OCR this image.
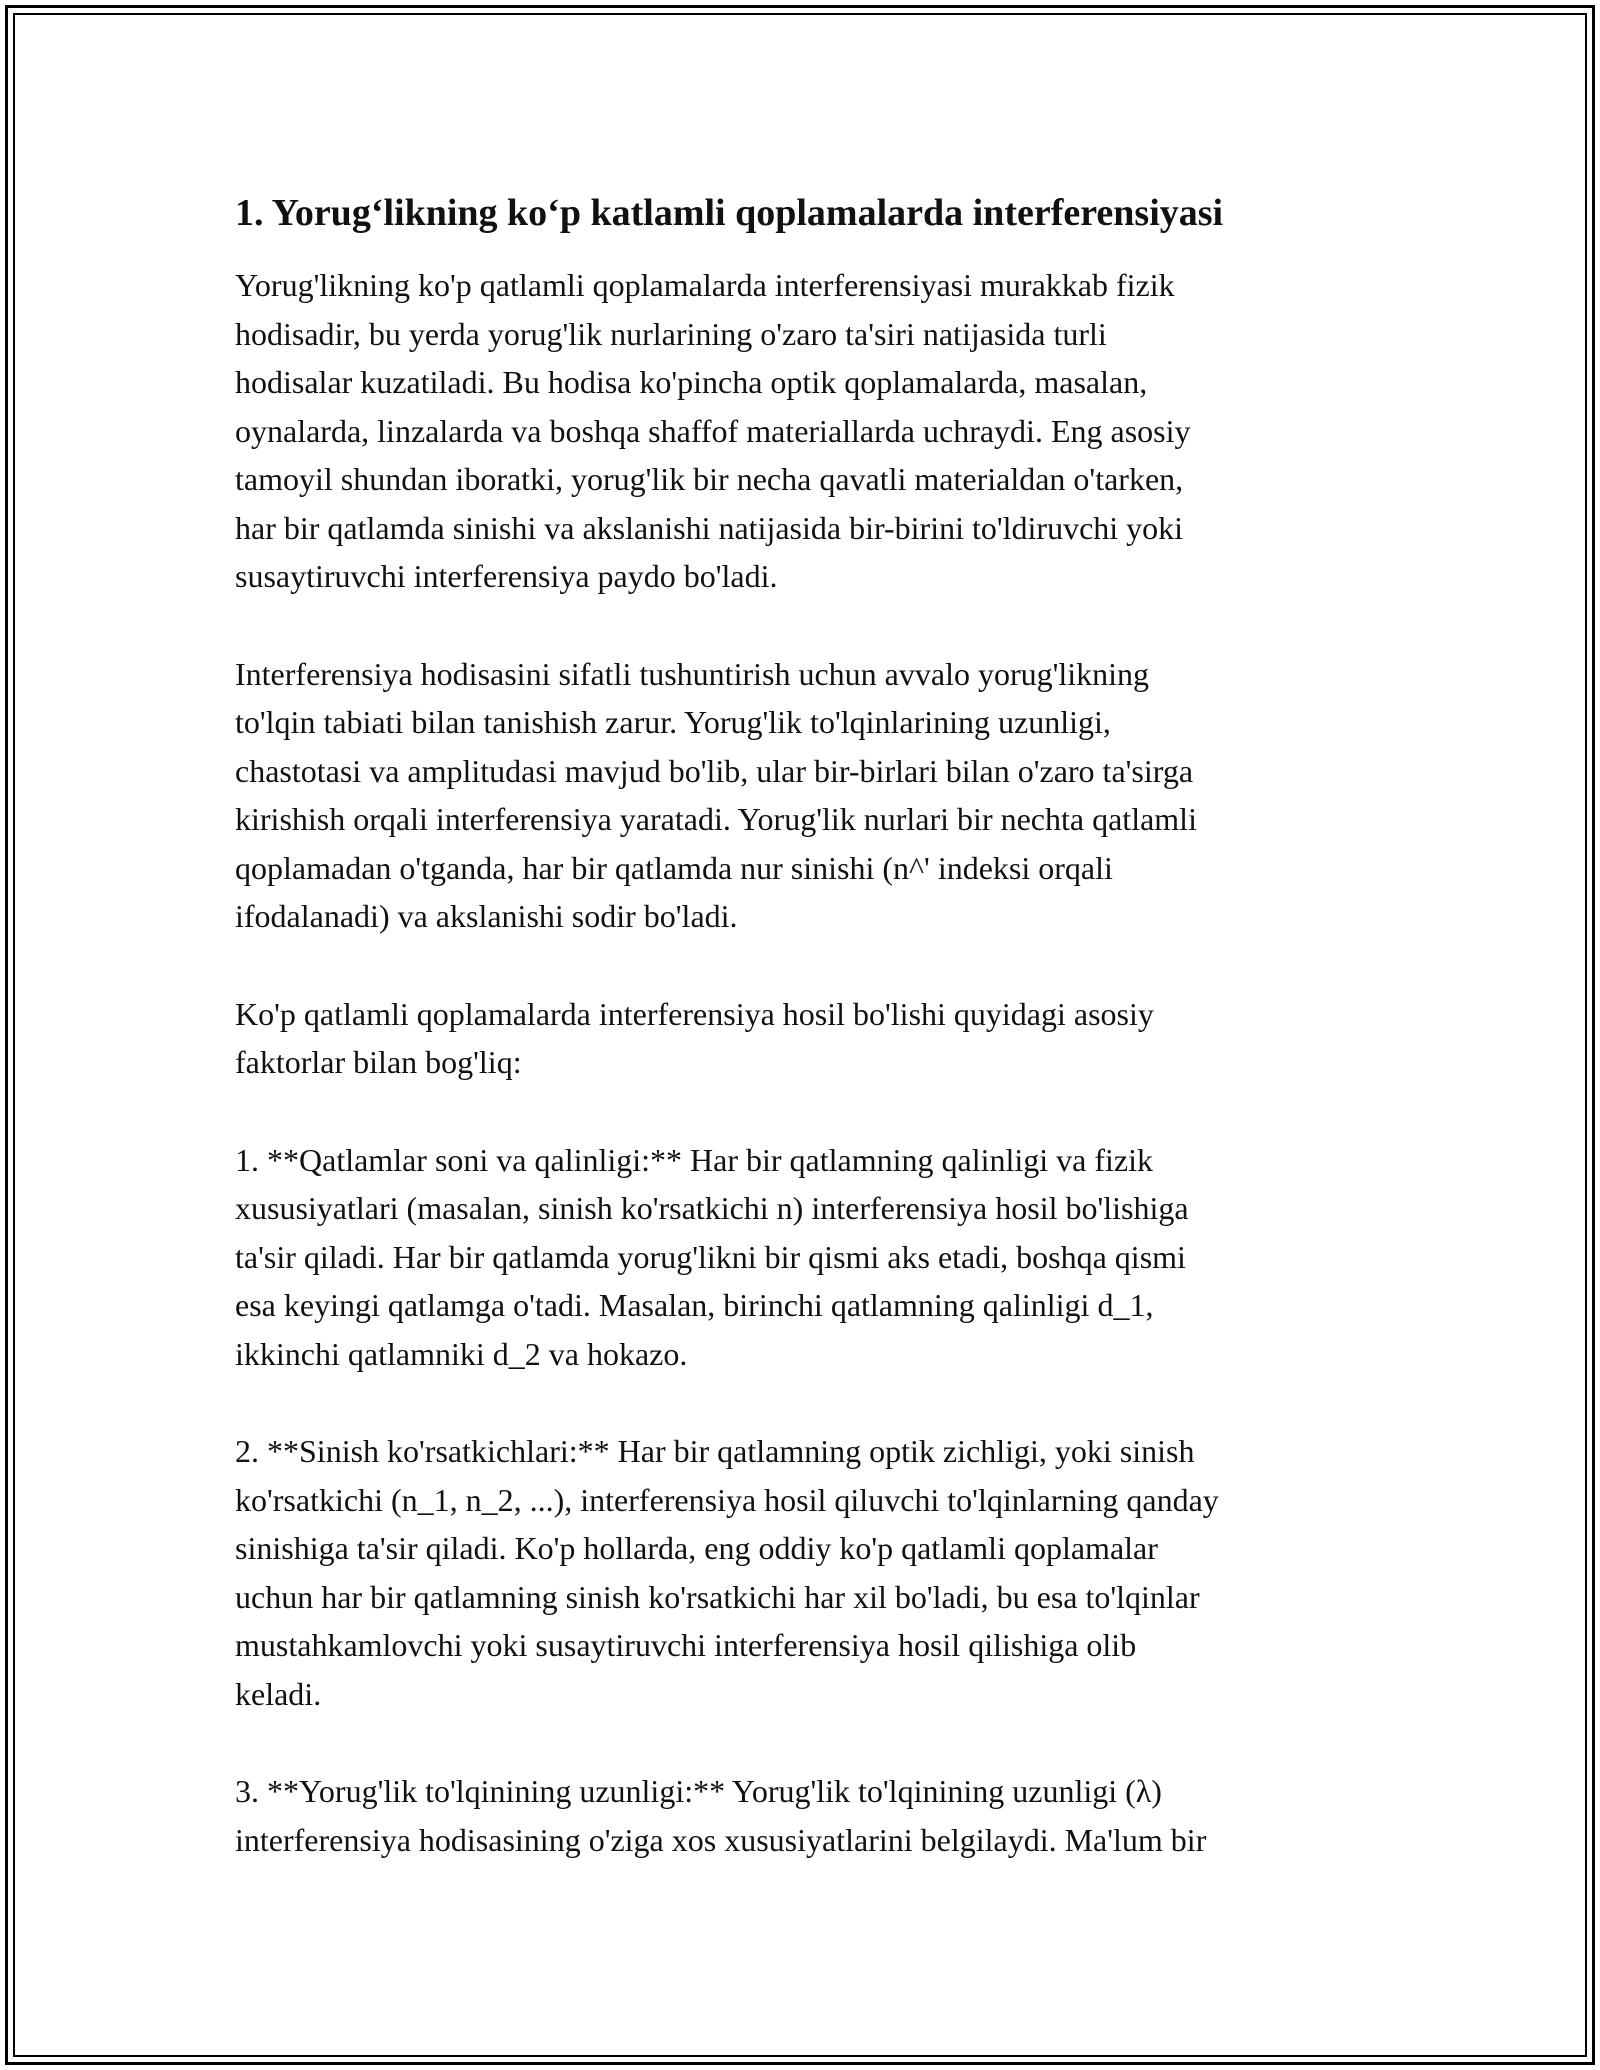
1. Yorug‘likning ko‘p katlamli qoplamalarda interferensiyasi

Yorug'likning ko'p qatlamli qoplamalarda interferensiyasi murakkab fizik
hodisadir, bu yerda yorug'lik nurlarining o'zaro ta'siri natijasida turli
hodisalar kuzatiladi. Bu hodisa ko'pincha optik qoplamalarda, masalan,
oynalarda, linzalarda va boshqa shaffof materiallarda uchraydi. Eng asosiy
tamoyil shundan iboratki, yorug'lik bir necha qavatli materialdan o'tarken,
har bir qatlamda sinishi va akslanishi natijasida bir-birini to'ldiruvchi yoki
susaytiruvchi interferensiya paydo bo'ladi.

Interferensiya hodisasini sifatli tushuntirish uchun avvalo yorug'likning
to'lqin tabiati bilan tanishish zarur. Yorug'lik to'lqinlarining uzunligi,
chastotasi va amplitudasi mavjud bo'lib, ular bir-birlari bilan o'zaro ta'sirga
kirishish orqali interferensiya yaratadi. Yorug'lik nurlari bir nechta qatlamli
qoplamadan o'tganda, har bir qatlamda nur sinishi (n^' indeksi orqali
ifodalanadi) va akslanishi sodir bo'ladi.

Ko'p qatlamli qoplamalarda interferensiya hosil bo'lishi quyidagi asosiy
faktorlar bilan bog'liq:

1. **Qatlamlar soni va qalinligi:** Har bir qatlamning qalinligi va fizik
xususiyatlari (masalan, sinish ko'rsatkichi n) interferensiya hosil bo'lishiga
ta'sir qiladi. Har bir qatlamda yorug'likni bir qismi aks etadi, boshqa qismi
esa keyingi qatlamga o'tadi. Masalan, birinchi qatlamning qalinligi d_1,
ikkinchi qatlamniki d_2 va hokazo.

2. **Sinish ko'rsatkichlari:** Har bir qatlamning optik zichligi, yoki sinish
ko'rsatkichi (n_1, n_2, ...), interferensiya hosil qiluvchi to'lqinlarning qanday
sinishiga ta'sir qiladi. Ko'p hollarda, eng oddiy ko'p qatlamli qoplamalar
uchun har bir qatlamning sinish ko'rsatkichi har xil bo'ladi, bu esa to'lqinlar
mustahkamlovchi yoki susaytiruvchi interferensiya hosil qilishiga olib
keladi.

3. **Yorug'lik to'lqinining uzunligi:** Yorug'lik to'lqinining uzunligi (λ)
interferensiya hodisasining o'ziga xos xususiyatlarini belgilaydi. Ma'lum bir
